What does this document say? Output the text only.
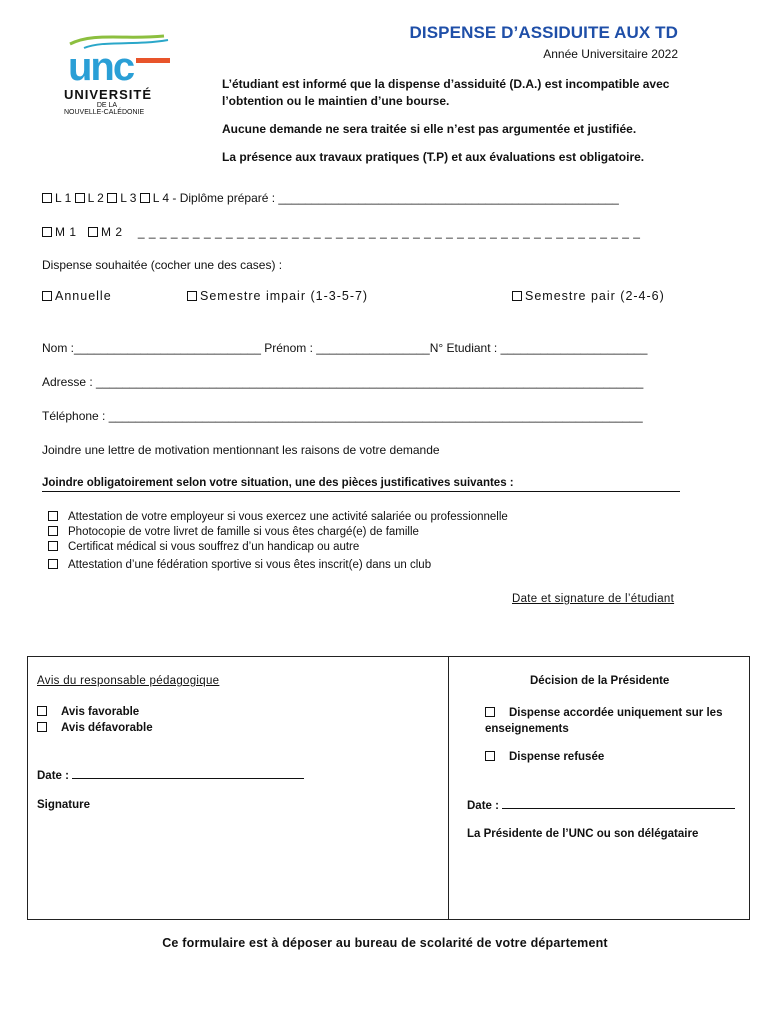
unc
UNIVERSITÉ
DE LA
NOUVELLE-CALÉDONIE
DISPENSE D’ASSIDUITE AUX TD
Année Universitaire 2022

L’étudiant est informé que la dispense d’assiduité (D.A.) est incompatible avec l’obtention ou le maintien d’une bourse.

Aucune demande ne sera traitée si elle n’est pas argumentée et justifiée.

La présence aux travaux pratiques (T.P) et aux évaluations est obligatoire.

L 1 L 2 L 3 L 4 - Diplôme préparé : ___________________________________________________
M 1 M 2 _ _ _ _ _ _ _ _ _ _ _ _ _ _ _ _ _ _ _ _ _ _ _ _ _ _ _ _ _ _ _ _ _ _ _ _ _ _ _ _ _ _ _ _ _ _
Dispense souhaitée (cocher une des cases) :
Annuelle	Semestre impair (1-3-5-7)	Semestre pair (2-4-6)
Nom :____________________________ Prénom : _________________N° Etudiant : ______________________
Adresse : __________________________________________________________________________________
Téléphone : ________________________________________________________________________________
Joindre une lettre de motivation mentionnant les raisons de votre demande
Joindre obligatoirement selon votre situation, une des pièces justificatives suivantes :
Attestation de votre employeur si vous exercez une activité salariée ou professionnelle
Photocopie de votre livret de famille si vous êtes chargé(e) de famille
Certificat médical si vous souffrez d’un handicap ou autre
Attestation d’une fédération sportive si vous êtes inscrit(e) dans un club
Date et signature de l’étudiant
Avis du responsable pédagogique
Avis favorable
Avis défavorable
Date :
Signature
Décision de la Présidente
Dispense accordée uniquement sur les enseignements
Dispense refusée
Date :
La Présidente de l’UNC ou son délégataire
Ce formulaire est à déposer au bureau de scolarité de votre département
